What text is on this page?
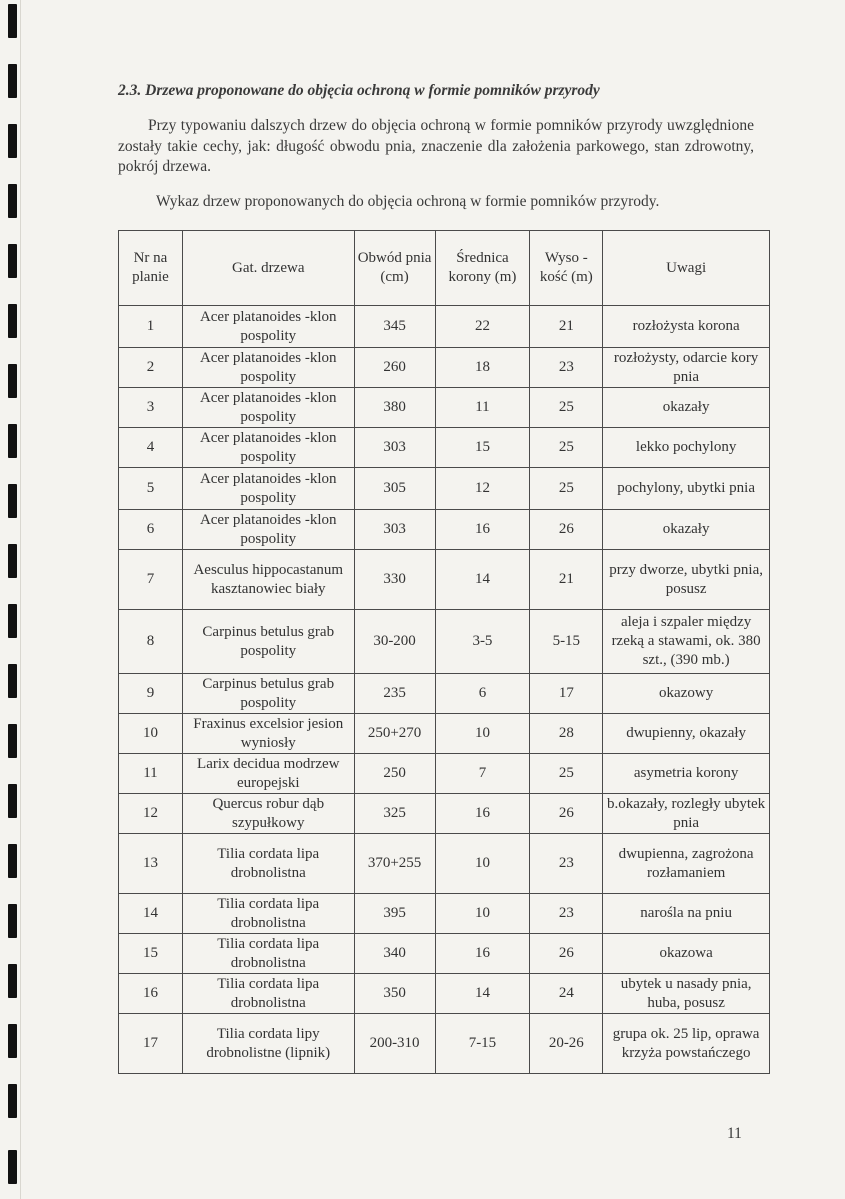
2.3. Drzewa proponowane do objęcia ochroną w formie pomników przyrody
Przy typowaniu dalszych drzew do objęcia ochroną w formie pomników przyrody uwzględnione zostały takie cechy, jak: długość obwodu pnia, znaczenie dla założenia parkowego, stan zdrowotny, pokrój drzewa.
Wykaz drzew proponowanych do objęcia ochroną w formie pomników przyrody.
Nr na planie	Gat. drzewa	Obwód pnia (cm)	Średnica korony (m)	Wyso -kość (m)	Uwagi
1	Acer platanoides -klon pospolity	345	22	21	rozłożysta korona
2	Acer platanoides -klon pospolity	260	18	23	rozłożysty, odarcie kory pnia
3	Acer platanoides -klon pospolity	380	11	25	okazały
4	Acer platanoides -klon pospolity	303	15	25	lekko pochylony
5	Acer platanoides -klon pospolity	305	12	25	pochylony, ubytki pnia
6	Acer platanoides -klon pospolity	303	16	26	okazały
7	Aesculus hippocastanum kasztanowiec biały	330	14	21	przy dworze, ubytki pnia, posusz
8	Carpinus betulus grab pospolity	30-200	3-5	5-15	aleja i szpaler między rzeką a stawami, ok. 380 szt., (390 mb.)
9	Carpinus betulus grab pospolity	235	6	17	okazowy
10	Fraxinus excelsior jesion wyniosły	250+270	10	28	dwupienny, okazały
11	Larix decidua modrzew europejski	250	7	25	asymetria korony
12	Quercus robur dąb szypułkowy	325	16	26	b.okazały, rozległy ubytek pnia
13	Tilia cordata lipa drobnolistna	370+255	10	23	dwupienna, zagrożona rozłamaniem
14	Tilia cordata lipa drobnolistna	395	10	23	narośla na pniu
15	Tilia cordata lipa drobnolistna	340	16	26	okazowa
16	Tilia cordata lipa drobnolistna	350	14	24	ubytek u nasady pnia, huba, posusz
17	Tilia cordata lipy drobnolistne (lipnik)	200-310	7-15	20-26	grupa ok. 25 lip, oprawa krzyża powstańczego
11
